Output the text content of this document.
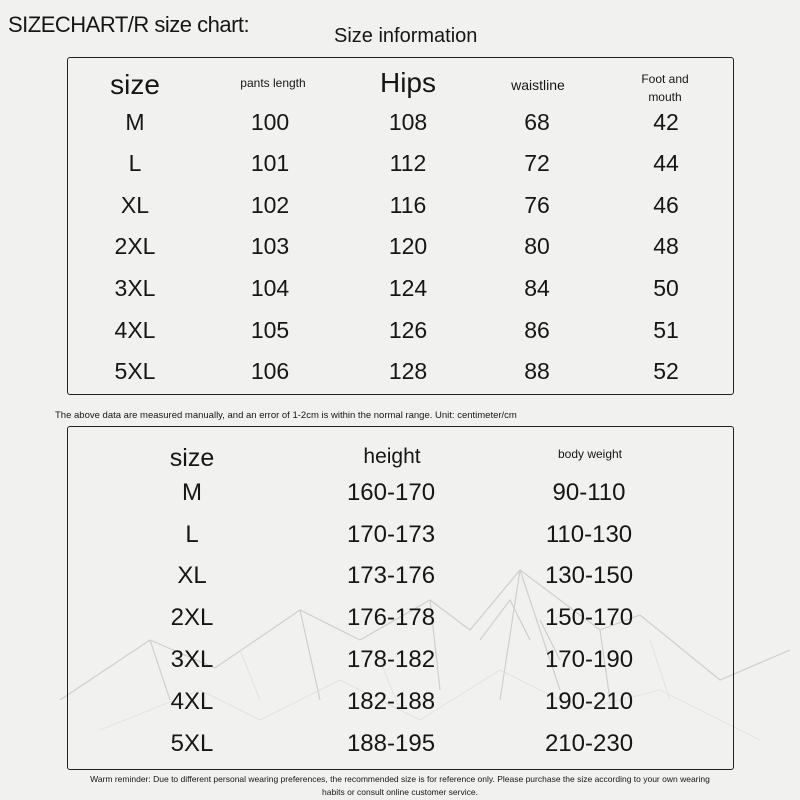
SIZECHART/R size chart:	Size information
size	pants length	Hips	waistline	Foot and mouth
M	100	108	68	42
L	101	112	72	44
XL	102	116	76	46
2XL	103	120	80	48
3XL	104	124	84	50
4XL	105	126	86	51
5XL	106	128	88	52
The above data are measured manually, and an error of 1-2cm is within the normal range. Unit: centimeter/cm
size	height	body weight
M	160-170	90-110
L	170-173	110-130
XL	173-176	130-150
2XL	176-178	150-170
3XL	178-182	170-190
4XL	182-188	190-210
5XL	188-195	210-230
Warm reminder: Due to different personal wearing preferences, the recommended size is for reference only. Please purchase the size according to your own wearing habits or consult online customer service.
